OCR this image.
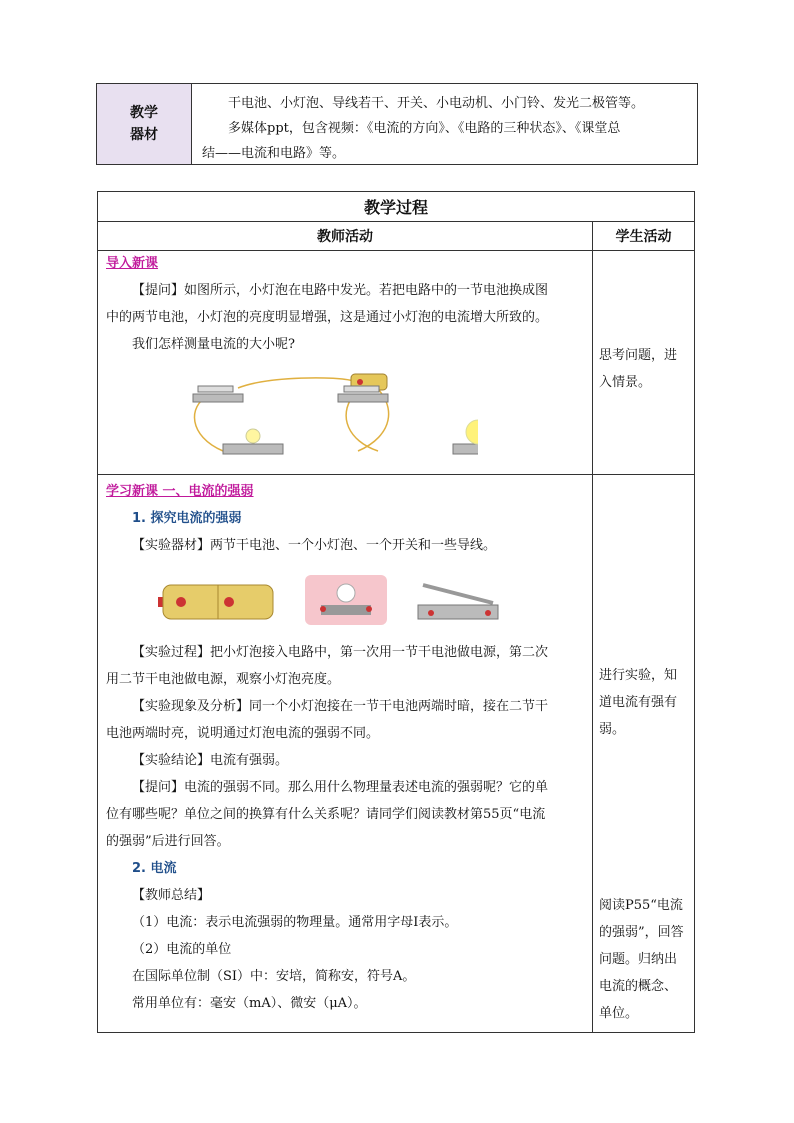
教学
器材

干电池、小灯泡、导线若干、开关、小电动机、小门铃、发光二极管等。

多媒体ppt，包含视频：《电流的方向》、《电路的三种状态》、《课堂总

结——电流和电路》等。

教学过程
教师活动	学生活动

导入新课

【提问】如图所示，小灯泡在电路中发光。若把电路中的一节电池换成图

中的两节电池，小灯泡的亮度明显增强，这是通过小灯泡的电流增大所致的。

我们怎样测量电流的大小呢?

思考问题，进入情景。

学习新课 一、电流的强弱

1. 探究电流的强弱

【实验器材】两节干电池、一个小灯泡、一个开关和一些导线。

【实验过程】把小灯泡接入电路中，第一次用一节干电池做电源，第二次

用二节干电池做电源，观察小灯泡亮度。

【实验现象及分析】同一个小灯泡接在一节干电池两端时暗，接在二节干

电池两端时亮，说明通过灯泡电流的强弱不同。

【实验结论】电流有强弱。

【提问】电流的强弱不同。那么用什么物理量表述电流的强弱呢？它的单

位有哪些呢？单位之间的换算有什么关系呢？请同学们阅读教材第55页“电流

的强弱”后进行回答。

2. 电流

【教师总结】

（1）电流：表示电流强弱的物理量。通常用字母I表示。

（2）电流的单位

在国际单位制（SI）中：安培，简称安，符号A。

常用单位有：毫安（mA）、微安（μA）。

进行实验，知道电流有强有弱。
阅读P55“电流的强弱”，回答问题。归纳出电流的概念、单位。
